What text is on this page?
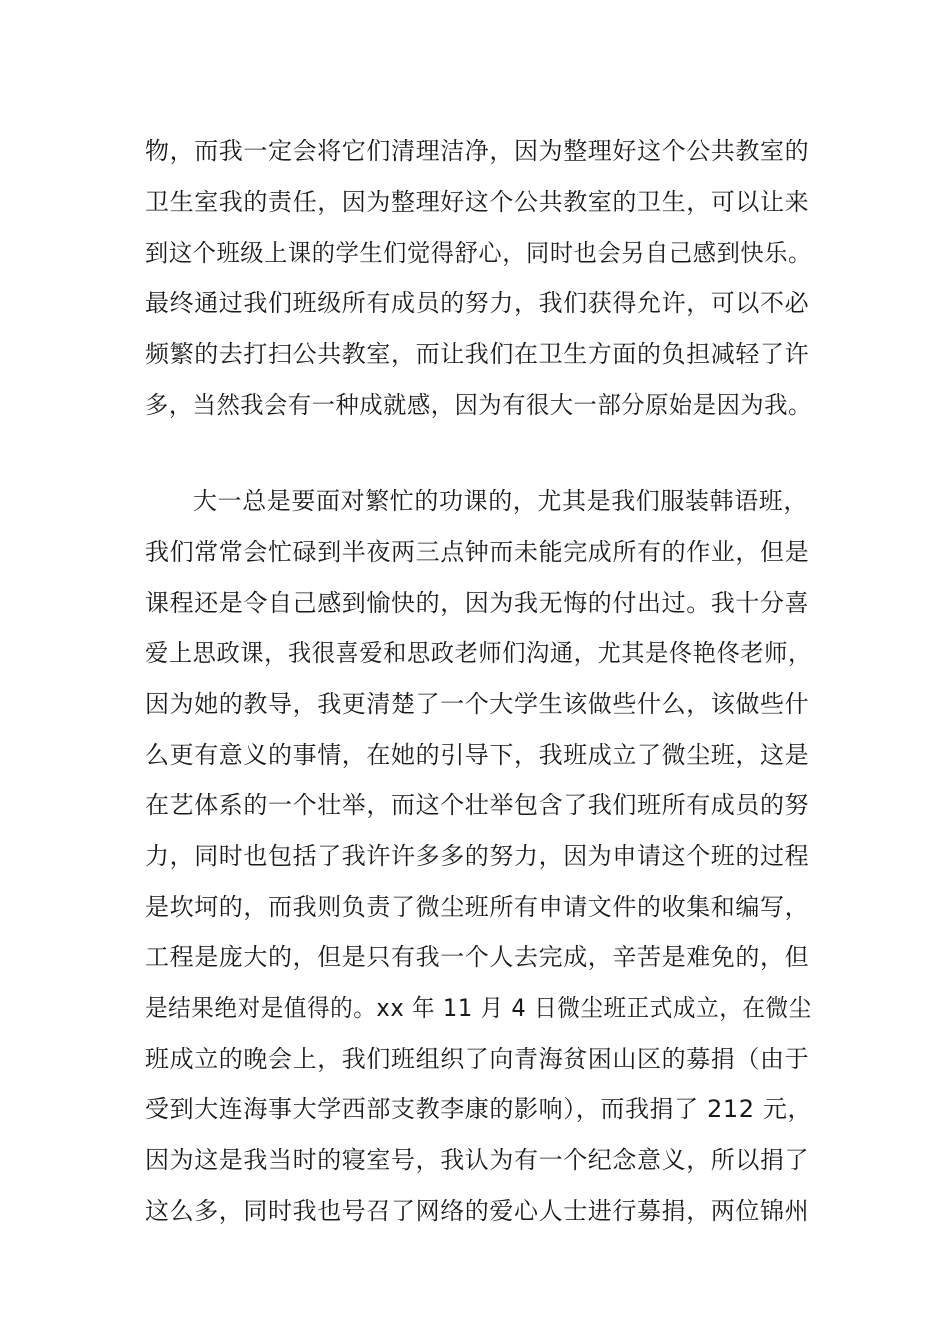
物，而我一定会将它们清理洁净，因为整理好这个公共教室的
卫生室我的责任，因为整理好这个公共教室的卫生，可以让来
到这个班级上课的学生们觉得舒心，同时也会另自己感到快乐。
最终通过我们班级所有成员的努力，我们获得允许，可以不必
频繁的去打扫公共教室，而让我们在卫生方面的负担减轻了许
多，当然我会有一种成就感，因为有很大一部分原始是因为我。
大一总是要面对繁忙的功课的，尤其是我们服装韩语班，
我们常常会忙碌到半夜两三点钟而未能完成所有的作业，但是
课程还是令自己感到愉快的，因为我无悔的付出过。我十分喜
爱上思政课，我很喜爱和思政老师们沟通，尤其是佟艳佟老师，
因为她的教导，我更清楚了一个大学生该做些什么，该做些什
么更有意义的事情，在她的引导下，我班成立了微尘班，这是
在艺体系的一个壮举，而这个壮举包含了我们班所有成员的努
力，同时也包括了我许许多多的努力，因为申请这个班的过程
是坎坷的，而我则负责了微尘班所有申请文件的收集和编写，
工程是庞大的，但是只有我一个人去完成，辛苦是难免的，但
是结果绝对是值得的。xx 年 11 月 4 日微尘班正式成立，在微尘
班成立的晚会上，我们班组织了向青海贫困山区的募捐（由于
受到大连海事大学西部支教李康的影响），而我捐了 212 元，
因为这是我当时的寝室号，我认为有一个纪念意义，所以捐了
这么多，同时我也号召了网络的爱心人士进行募捐，两位锦州
